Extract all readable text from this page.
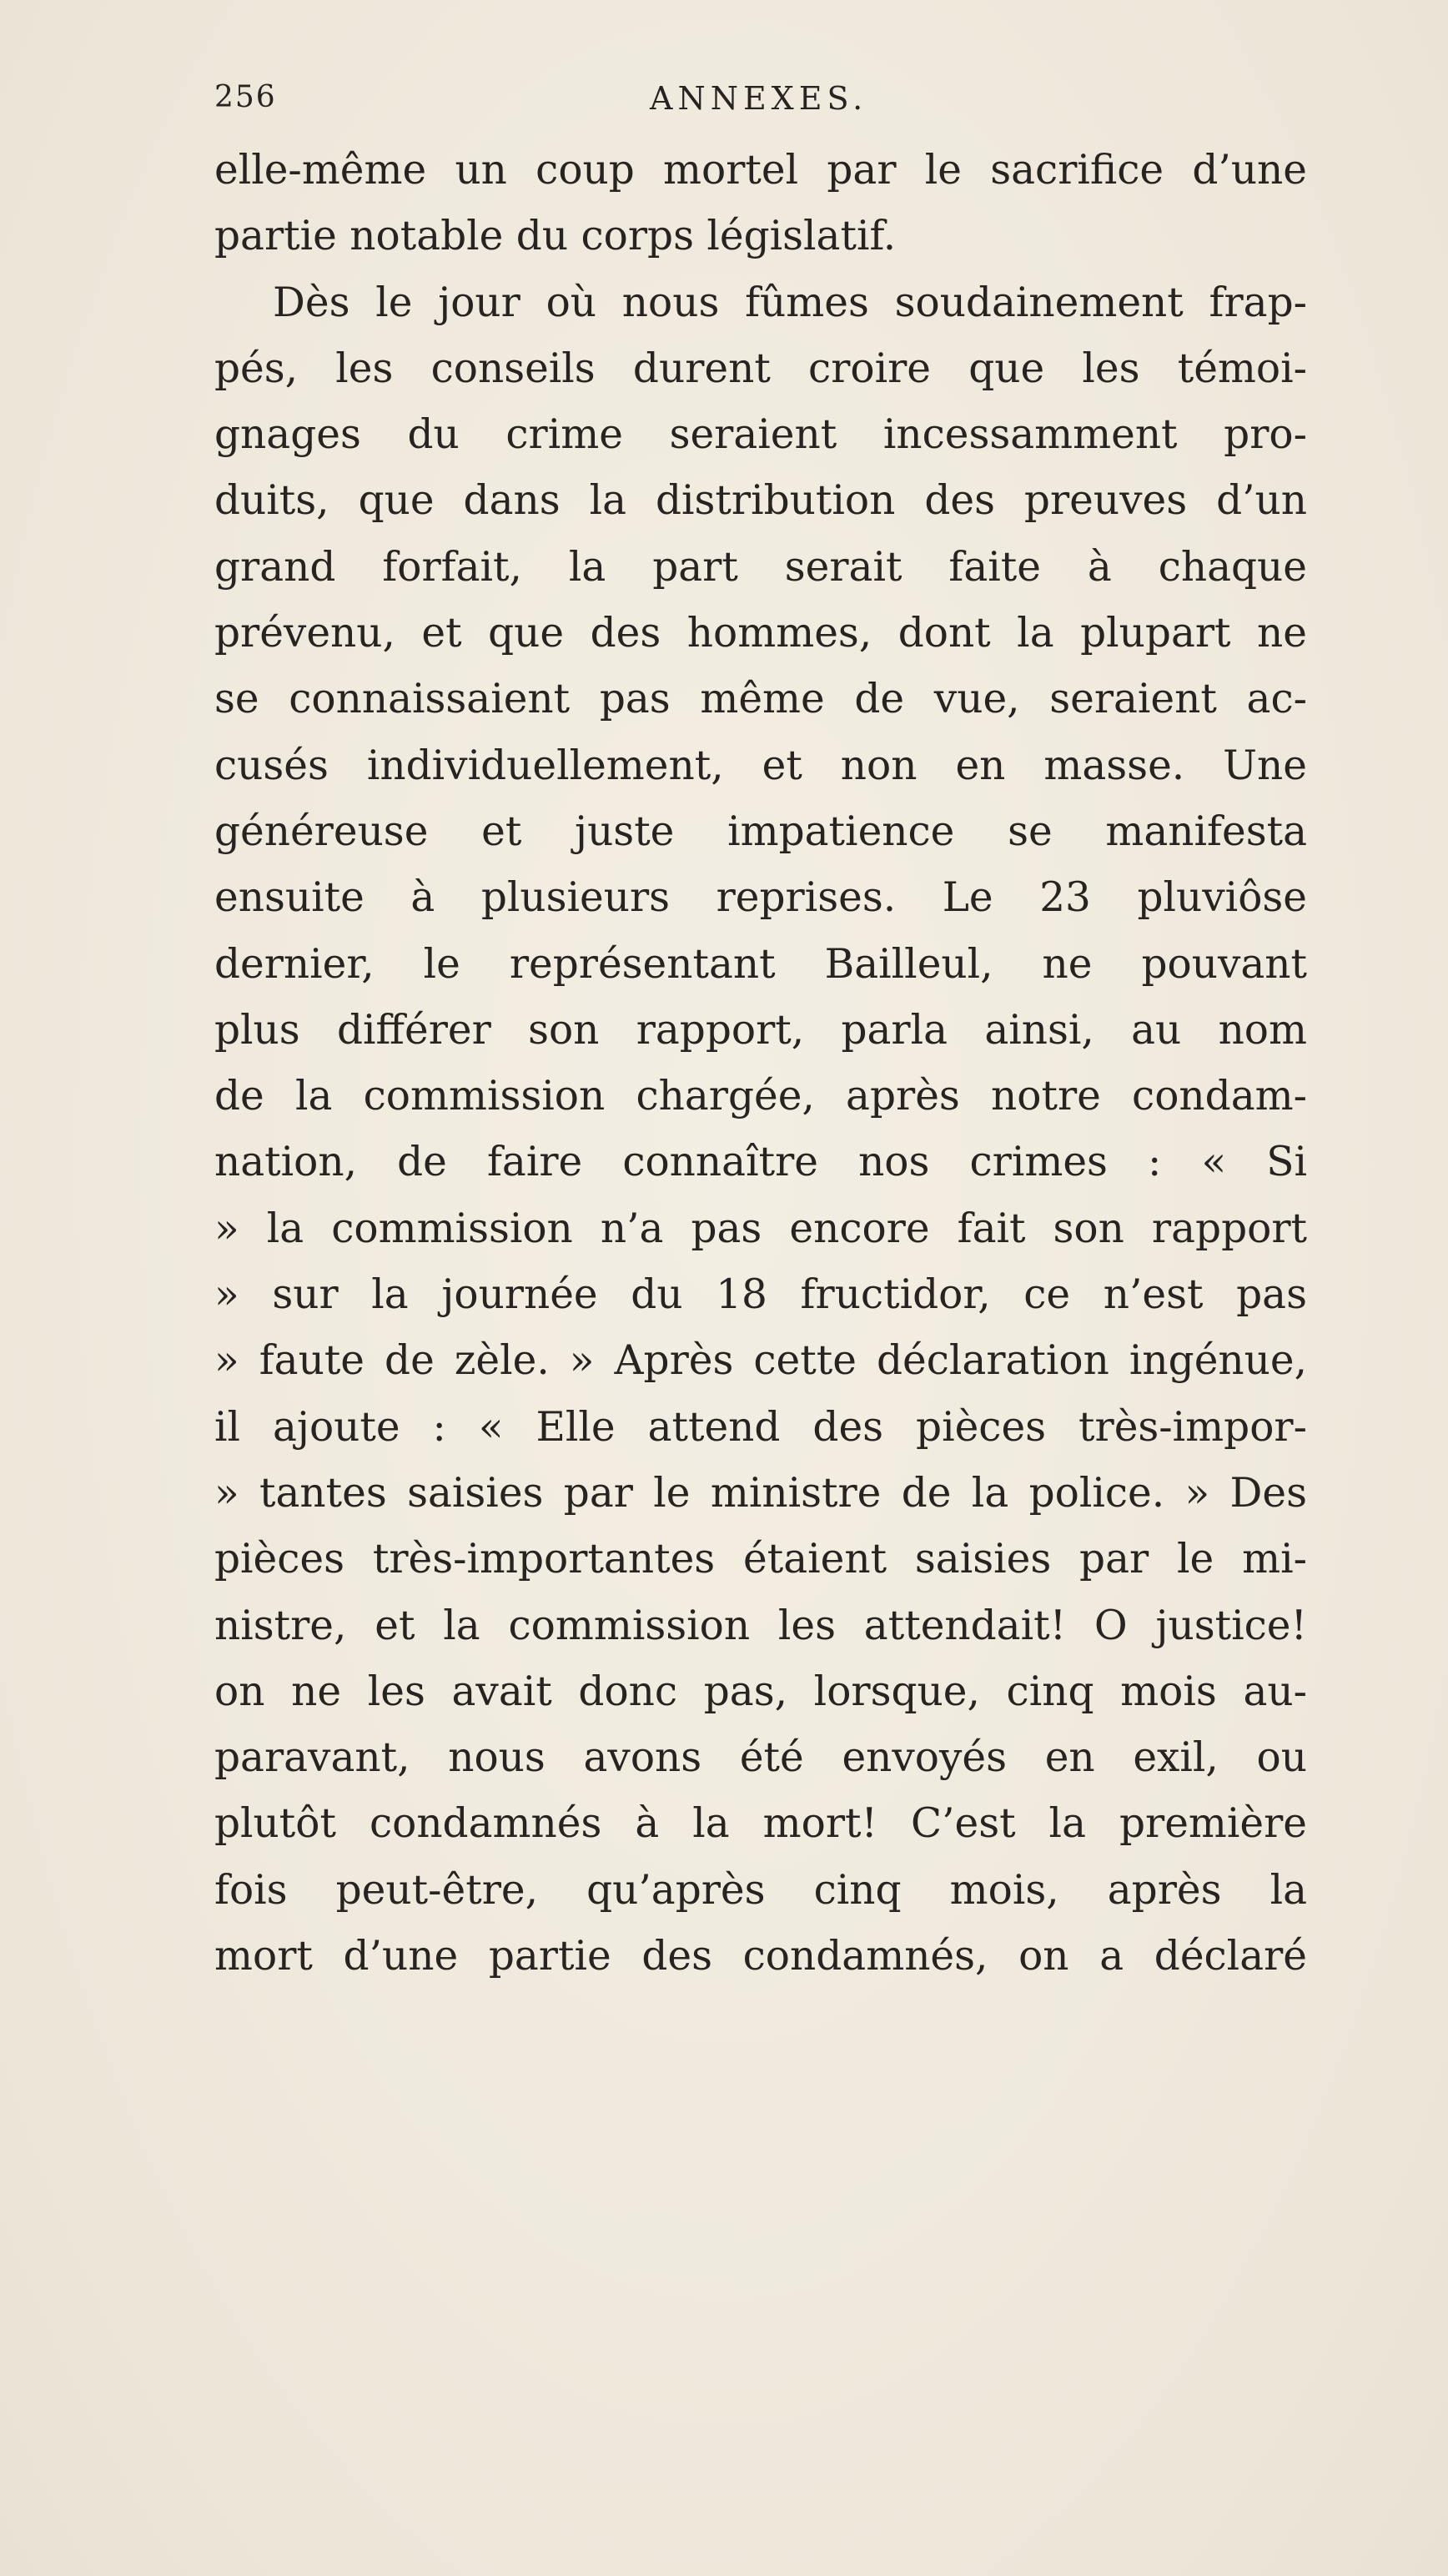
256	ANNEXES.
elle-même un coup mortel par le sacrifice d’une
partie notable du corps législatif.
Dès le jour où nous fûmes soudainement frap-
pés, les conseils durent croire que les témoi-
gnages du crime seraient incessamment pro-
duits, que dans la distribution des preuves d’un
grand forfait, la part serait faite à chaque
prévenu, et que des hommes, dont la plupart ne
se connaissaient pas même de vue, seraient ac-
cusés individuellement, et non en masse. Une
généreuse et juste impatience se manifesta
ensuite à plusieurs reprises. Le 23 pluviôse
dernier, le représentant Bailleul, ne pouvant
plus différer son rapport, parla ainsi, au nom
de la commission chargée, après notre condam-
nation, de faire connaître nos crimes : « Si
» la commission n’a pas encore fait son rapport
» sur la journée du 18 fructidor, ce n’est pas
» faute de zèle. » Après cette déclaration ingénue,
il ajoute : « Elle attend des pièces très-impor-
» tantes saisies par le ministre de la police. » Des
pièces très-importantes étaient saisies par le mi-
nistre, et la commission les attendait! O justice!
on ne les avait donc pas, lorsque, cinq mois au-
paravant, nous avons été envoyés en exil, ou
plutôt condamnés à la mort! C’est la première
fois peut-être, qu’après cinq mois, après la
mort d’une partie des condamnés, on a déclaré
